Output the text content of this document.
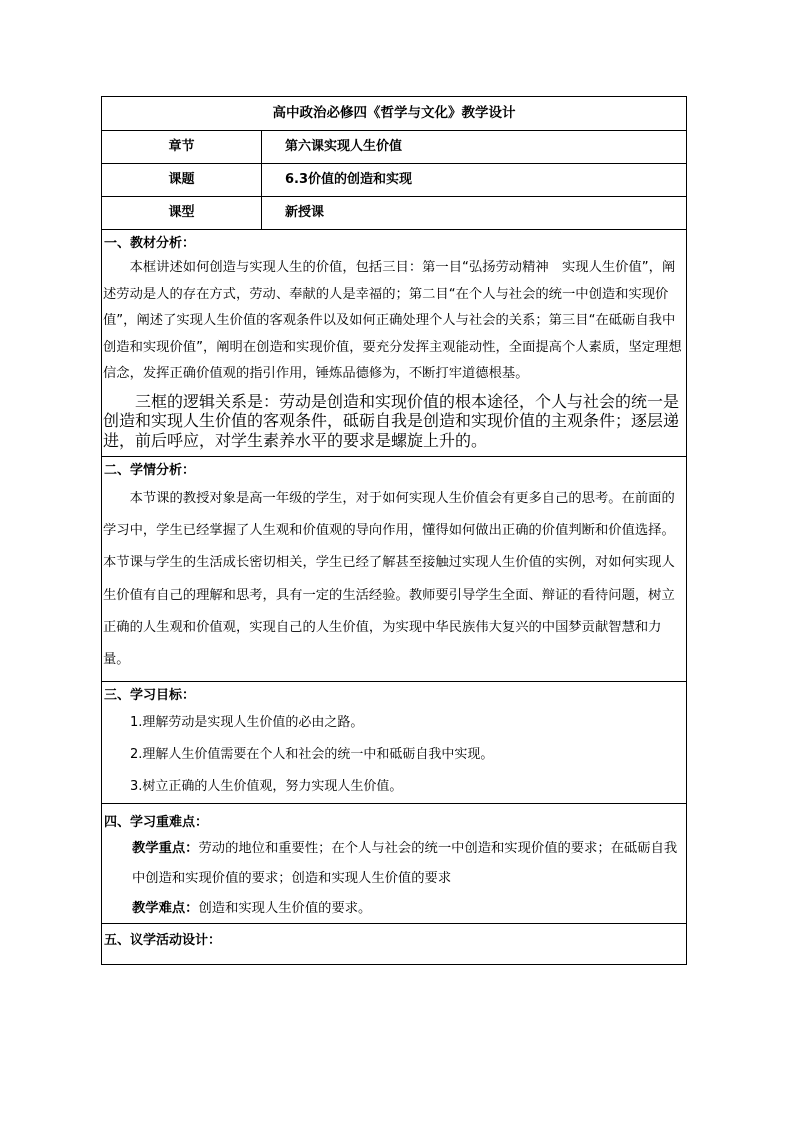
高中政治必修四《哲学与文化》教学设计
章节	第六课实现人生价值
课题	6.3价值的创造和实现
课型	新授课

一、教材分析：

本框讲述如何创造与实现人生的价值，包括三目：第一目“弘扬劳动精神　实现人生价值”，阐述劳动是人的存在方式，劳动、奉献的人是幸福的；第二目“在个人与社会的统一中创造和实现价值”，阐述了实现人生价值的客观条件以及如何正确处理个人与社会的关系；第三目“在砥砺自我中创造和实现价值”，阐明在创造和实现价值，要充分发挥主观能动性，全面提高个人素质，坚定理想信念，发挥正确价值观的指引作用，锤炼品德修为，不断打牢道德根基。

三框的逻辑关系是：劳动是创造和实现价值的根本途径，个人与社会的统一是创造和实现人生价值的客观条件，砥砺自我是创造和实现价值的主观条件；逐层递进，前后呼应，对学生素养水平的要求是螺旋上升的。

二、学情分析：

本节课的教授对象是高一年级的学生，对于如何实现人生价值会有更多自己的思考。在前面的学习中，学生已经掌握了人生观和价值观的导向作用，懂得如何做出正确的价值判断和价值选择。本节课与学生的生活成长密切相关，学生已经了解甚至接触过实现人生价值的实例，对如何实现人生价值有自己的理解和思考，具有一定的生活经验。教师要引导学生全面、辩证的看待问题，树立正确的人生观和价值观，实现自己的人生价值，为实现中华民族伟大复兴的中国梦贡献智慧和力量。

三、学习目标：

1.理解劳动是实现人生价值的必由之路。

2.理解人生价值需要在个人和社会的统一中和砥砺自我中实现。

3.树立正确的人生价值观，努力实现人生价值。

四、学习重难点：

教学重点：劳动的地位和重要性；在个人与社会的统一中创造和实现价值的要求；在砥砺自我中创造和实现价值的要求；创造和实现人生价值的要求

教学难点：创造和实现人生价值的要求。

五、议学活动设计：
